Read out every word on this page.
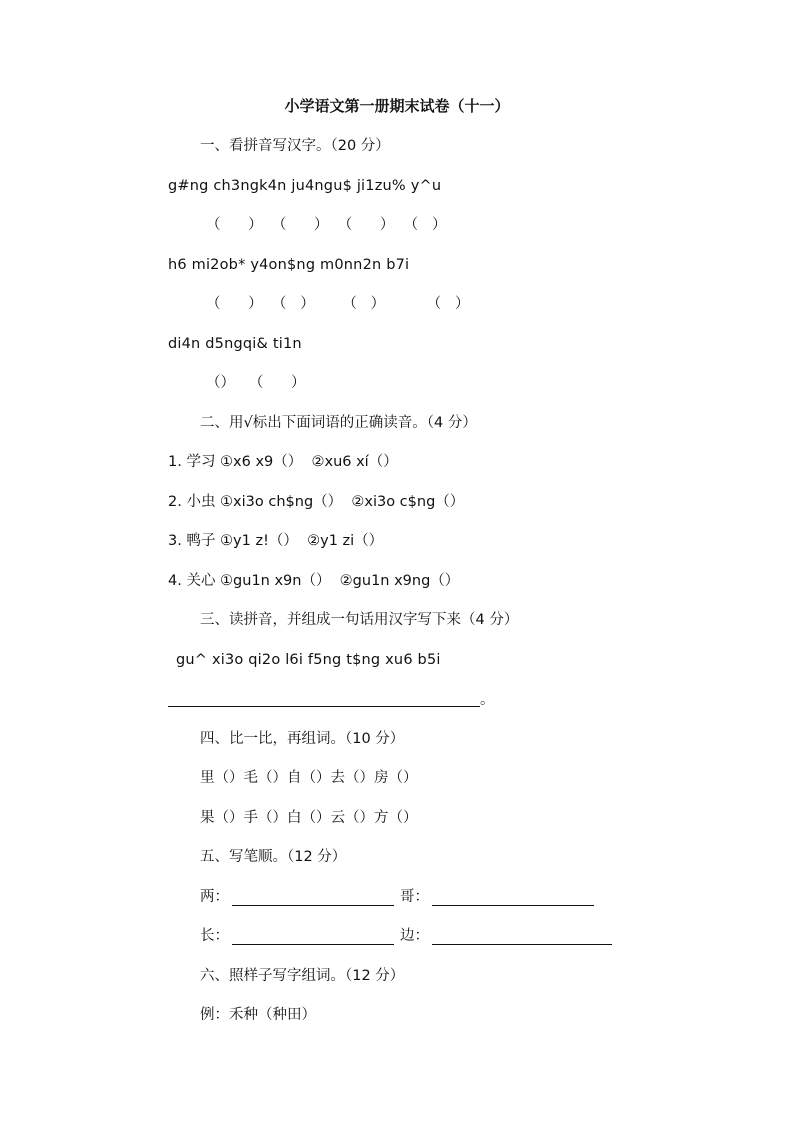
小学语文第一册期末试卷（十一）
一、看拼音写汉字。（20 分）
g#ng ch3ngk4n ju4ngu$ ji1zu% y^u
（      ）  （      ）  （      ）  （   ）
h6 mi2ob* y4on$ng m0nn2n b7i
（      ）  （   ）      （   ）         （   ）
di4n d5ngqi& ti1n
（）   （      ）
二、用√标出下面词语的正确读音。（4 分）
1. 学习 ①x6 x9（）  ②xu6 xí（）
2. 小虫 ①xi3o ch$ng（）  ②xi3o c$ng（）
3. 鸭子 ①y1 z!（）  ②y1 zi（）
4. 关心 ①gu1n x9n（）  ②gu1n x9ng（）
三、读拼音，并组成一句话用汉字写下来（4 分）
gu^ xi3o qi2o l6i f5ng t$ng xu6 b5i
。
四、比一比，再组词。（10 分）
里（）毛（）自（）去（）房（）
果（）手（）白（）云（）方（）
五、写笔顺。（12 分）
两：	哥：
长：	边：
六、照样子写字组词。（12 分）
例：禾种（种田）
